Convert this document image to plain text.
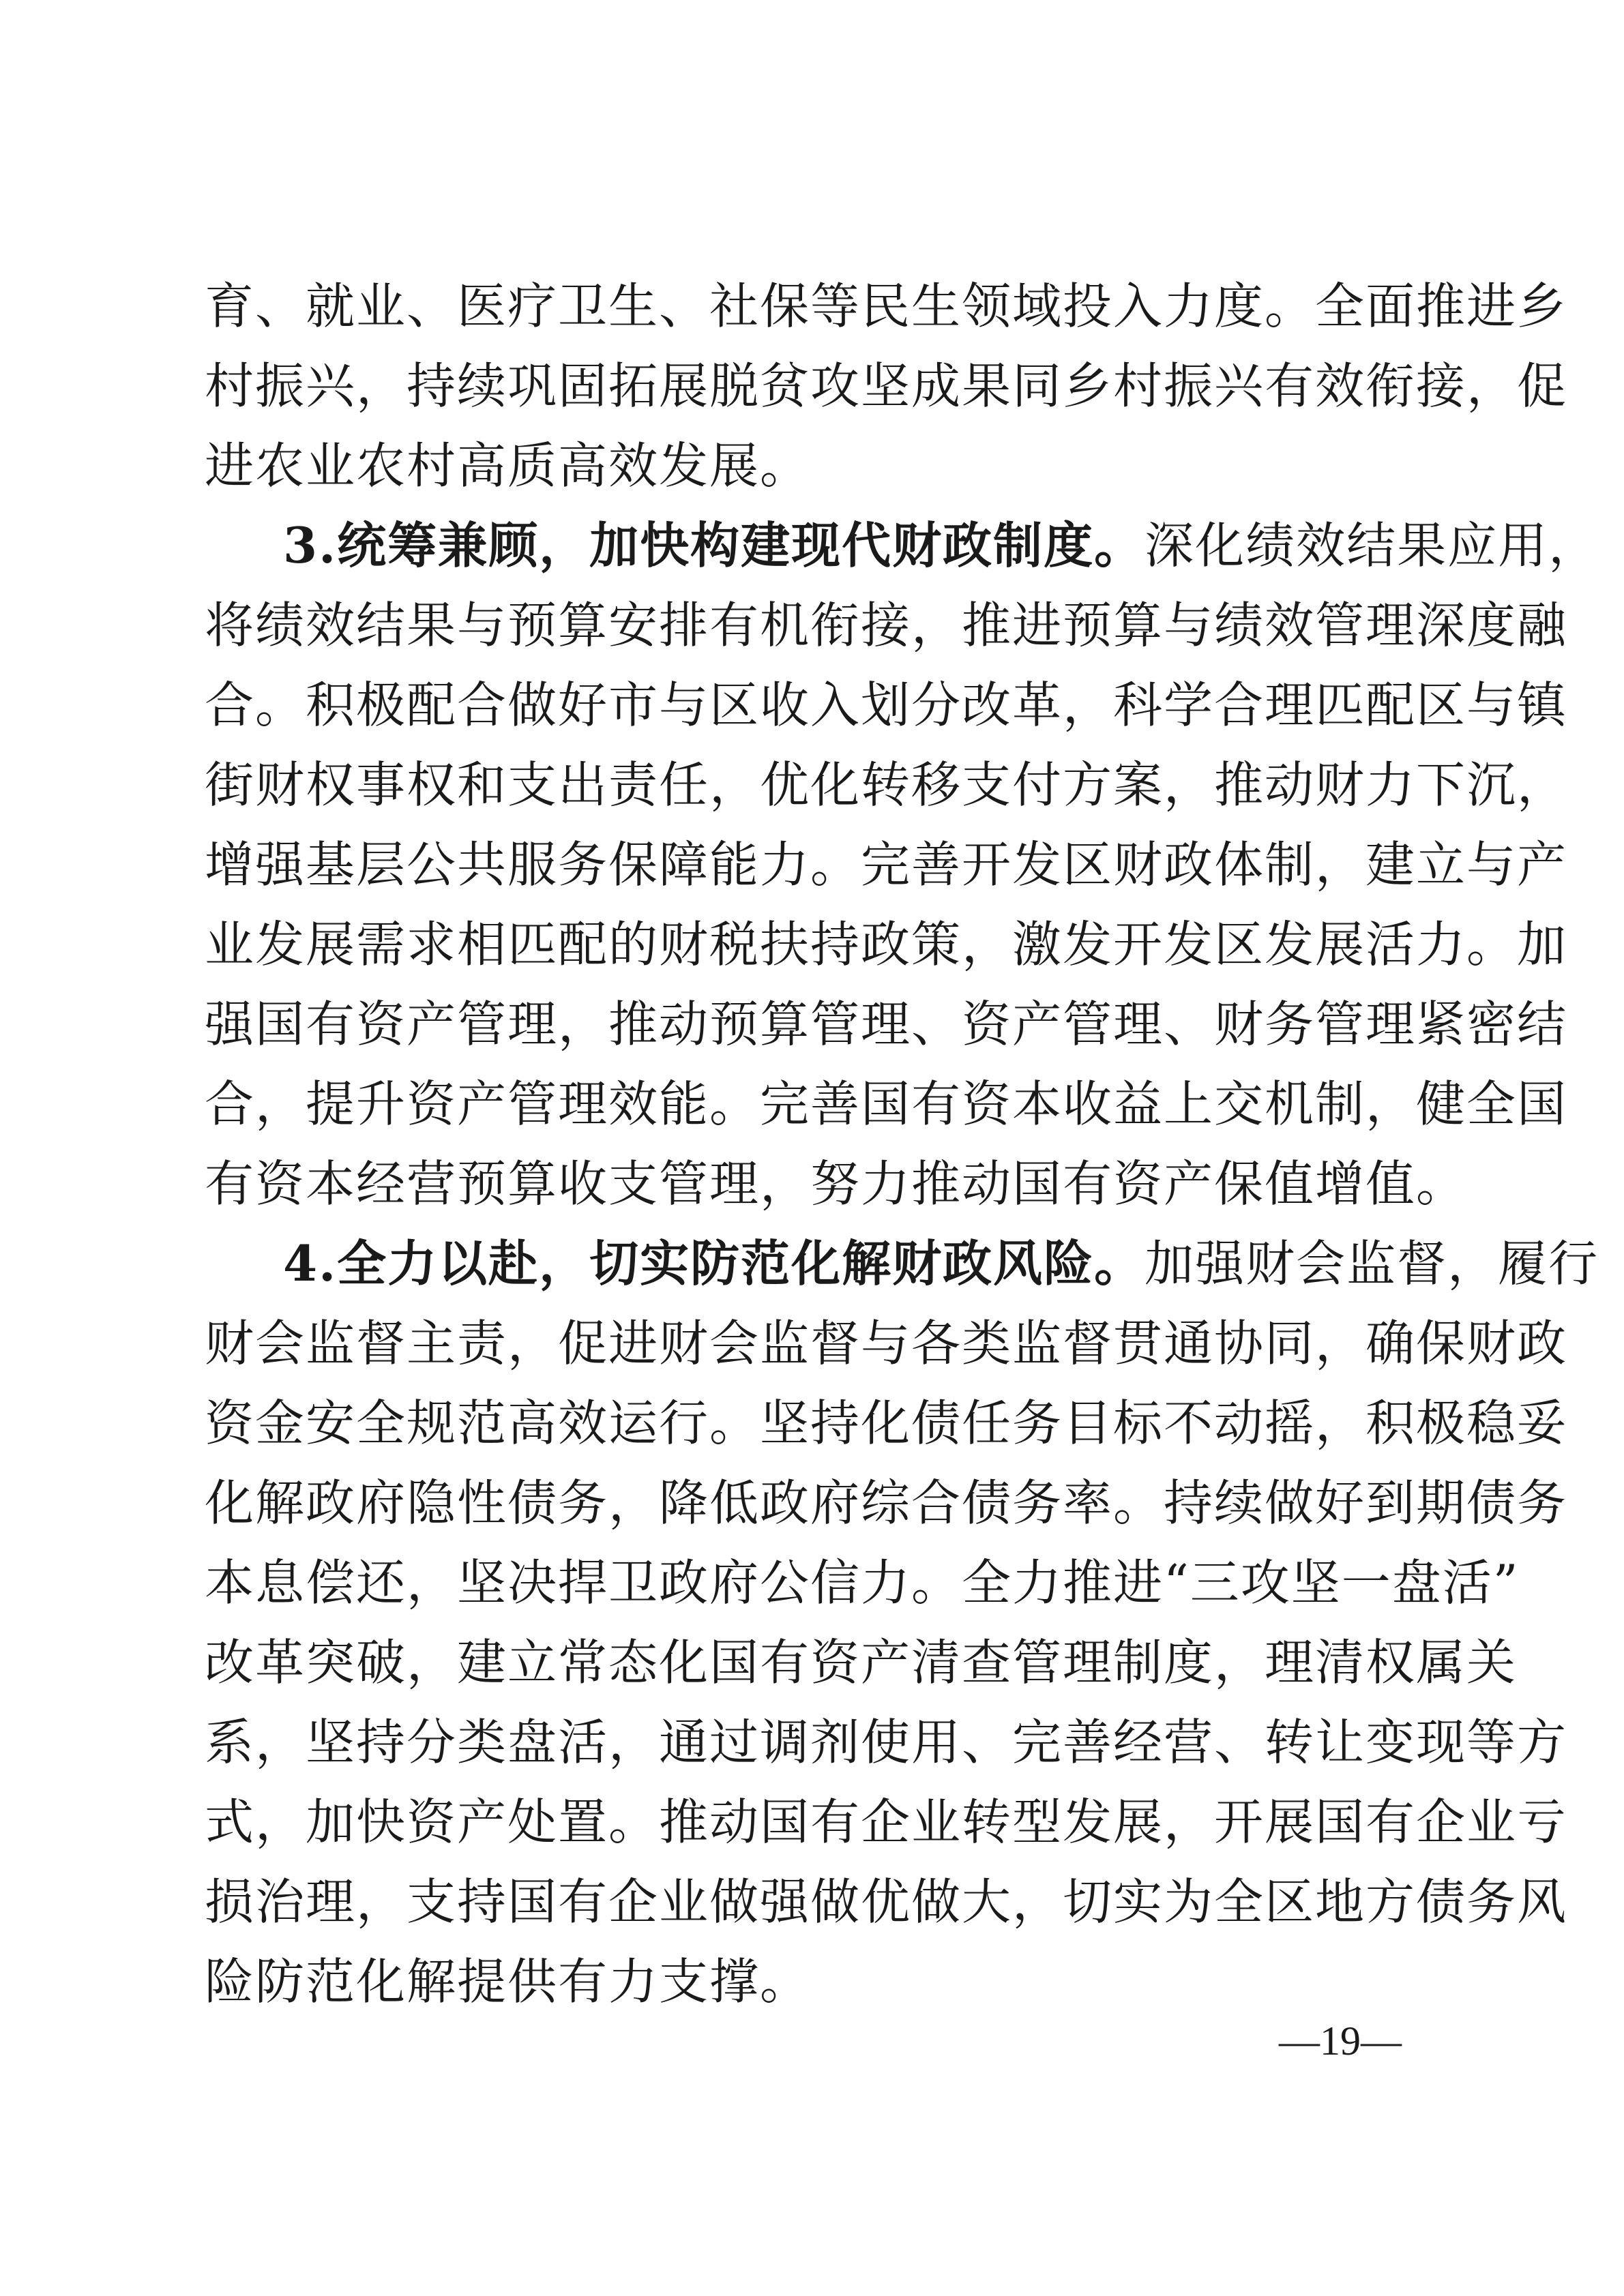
育、就业、医疗卫生、社保等民生领域投入力度。全面推进乡
村振兴，持续巩固拓展脱贫攻坚成果同乡村振兴有效衔接，促
进农业农村高质高效发展。
3.统筹兼顾，加快构建现代财政制度。深化绩效结果应用，
将绩效结果与预算安排有机衔接，推进预算与绩效管理深度融
合。积极配合做好市与区收入划分改革，科学合理匹配区与镇
街财权事权和支出责任，优化转移支付方案，推动财力下沉，
增强基层公共服务保障能力。完善开发区财政体制，建立与产
业发展需求相匹配的财税扶持政策，激发开发区发展活力。加
强国有资产管理，推动预算管理、资产管理、财务管理紧密结
合，提升资产管理效能。完善国有资本收益上交机制，健全国
有资本经营预算收支管理，努力推动国有资产保值增值。
4.全力以赴，切实防范化解财政风险。加强财会监督，履行
财会监督主责，促进财会监督与各类监督贯通协同，确保财政
资金安全规范高效运行。坚持化债任务目标不动摇，积极稳妥
化解政府隐性债务，降低政府综合债务率。持续做好到期债务
本息偿还，坚决捍卫政府公信力。全力推进“三攻坚一盘活”
改革突破，建立常态化国有资产清查管理制度，理清权属关
系，坚持分类盘活，通过调剂使用、完善经营、转让变现等方
式，加快资产处置。推动国有企业转型发展，开展国有企业亏
损治理，支持国有企业做强做优做大，切实为全区地方债务风
险防范化解提供有力支撑。
—19—
